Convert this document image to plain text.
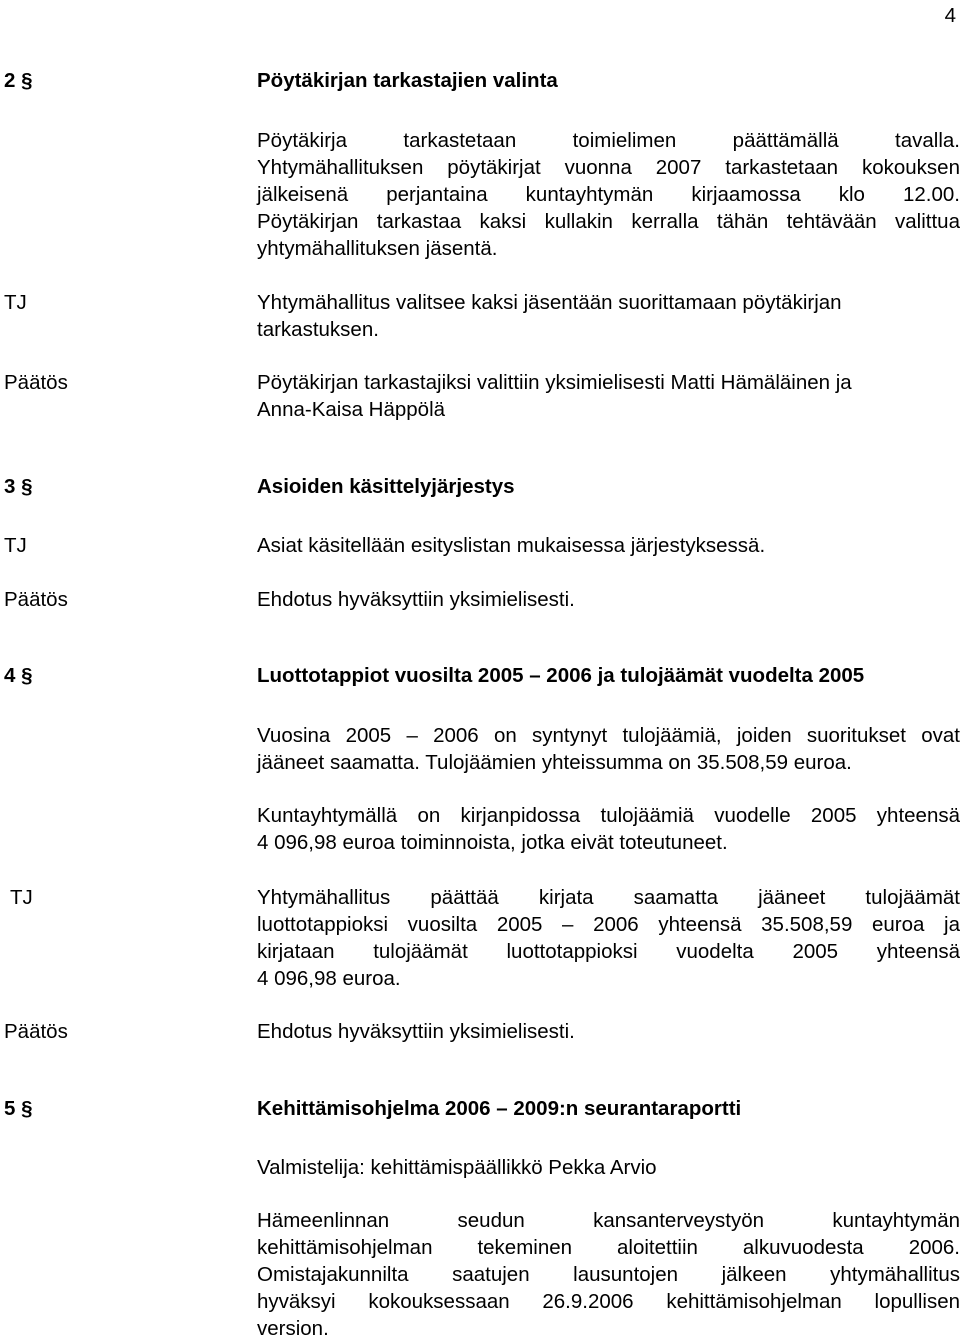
4
2 §	Pöytäkirjan tarkastajien valinta
Pöytäkirja tarkastetaan toimielimen päättämällä tavalla.
Yhtymähallituksen pöytäkirjat vuonna 2007 tarkastetaan kokouksen
jälkeisenä perjantaina kuntayhtymän kirjaamossa klo 12.00.
Pöytäkirjan tarkastaa kaksi kullakin kerralla tähän tehtävään valittua
yhtymähallituksen jäsentä.
TJ	Yhtymähallitus valitsee kaksi jäsentään suorittamaan pöytäkirjan
tarkastuksen.
Päätös	Pöytäkirjan tarkastajiksi valittiin yksimielisesti Matti Hämäläinen ja
Anna-Kaisa Häppölä
3 §	Asioiden käsittelyjärjestys
TJ	Asiat käsitellään esityslistan mukaisessa järjestyksessä.
Päätös	Ehdotus hyväksyttiin yksimielisesti.
4 §	Luottotappiot vuosilta 2005 – 2006 ja tulojäämät vuodelta 2005
Vuosina 2005 – 2006 on syntynyt tulojäämiä, joiden suoritukset ovat
jääneet saamatta. Tulojäämien yhteissumma on 35.508,59 euroa.
Kuntayhtymällä on kirjanpidossa tulojäämiä vuodelle 2005 yhteensä
4 096,98 euroa toiminnoista, jotka eivät toteutuneet.
TJ	Yhtymähallitus päättää kirjata saamatta jääneet tulojäämät
luottotappioksi vuosilta 2005 – 2006 yhteensä 35.508,59 euroa ja
kirjataan tulojäämät luottotappioksi vuodelta 2005 yhteensä
4 096,98 euroa.
Päätös	Ehdotus hyväksyttiin yksimielisesti.
5 §	Kehittämisohjelma 2006 – 2009:n seurantaraportti
Valmistelija: kehittämispäällikkö Pekka Arvio
Hämeenlinnan seudun kansanterveystyön kuntayhtymän
kehittämisohjelman tekeminen aloitettiin alkuvuodesta 2006.
Omistajakunnilta saatujen lausuntojen jälkeen yhtymähallitus
hyväksyi kokouksessaan 26.9.2006 kehittämisohjelman lopullisen
version.
